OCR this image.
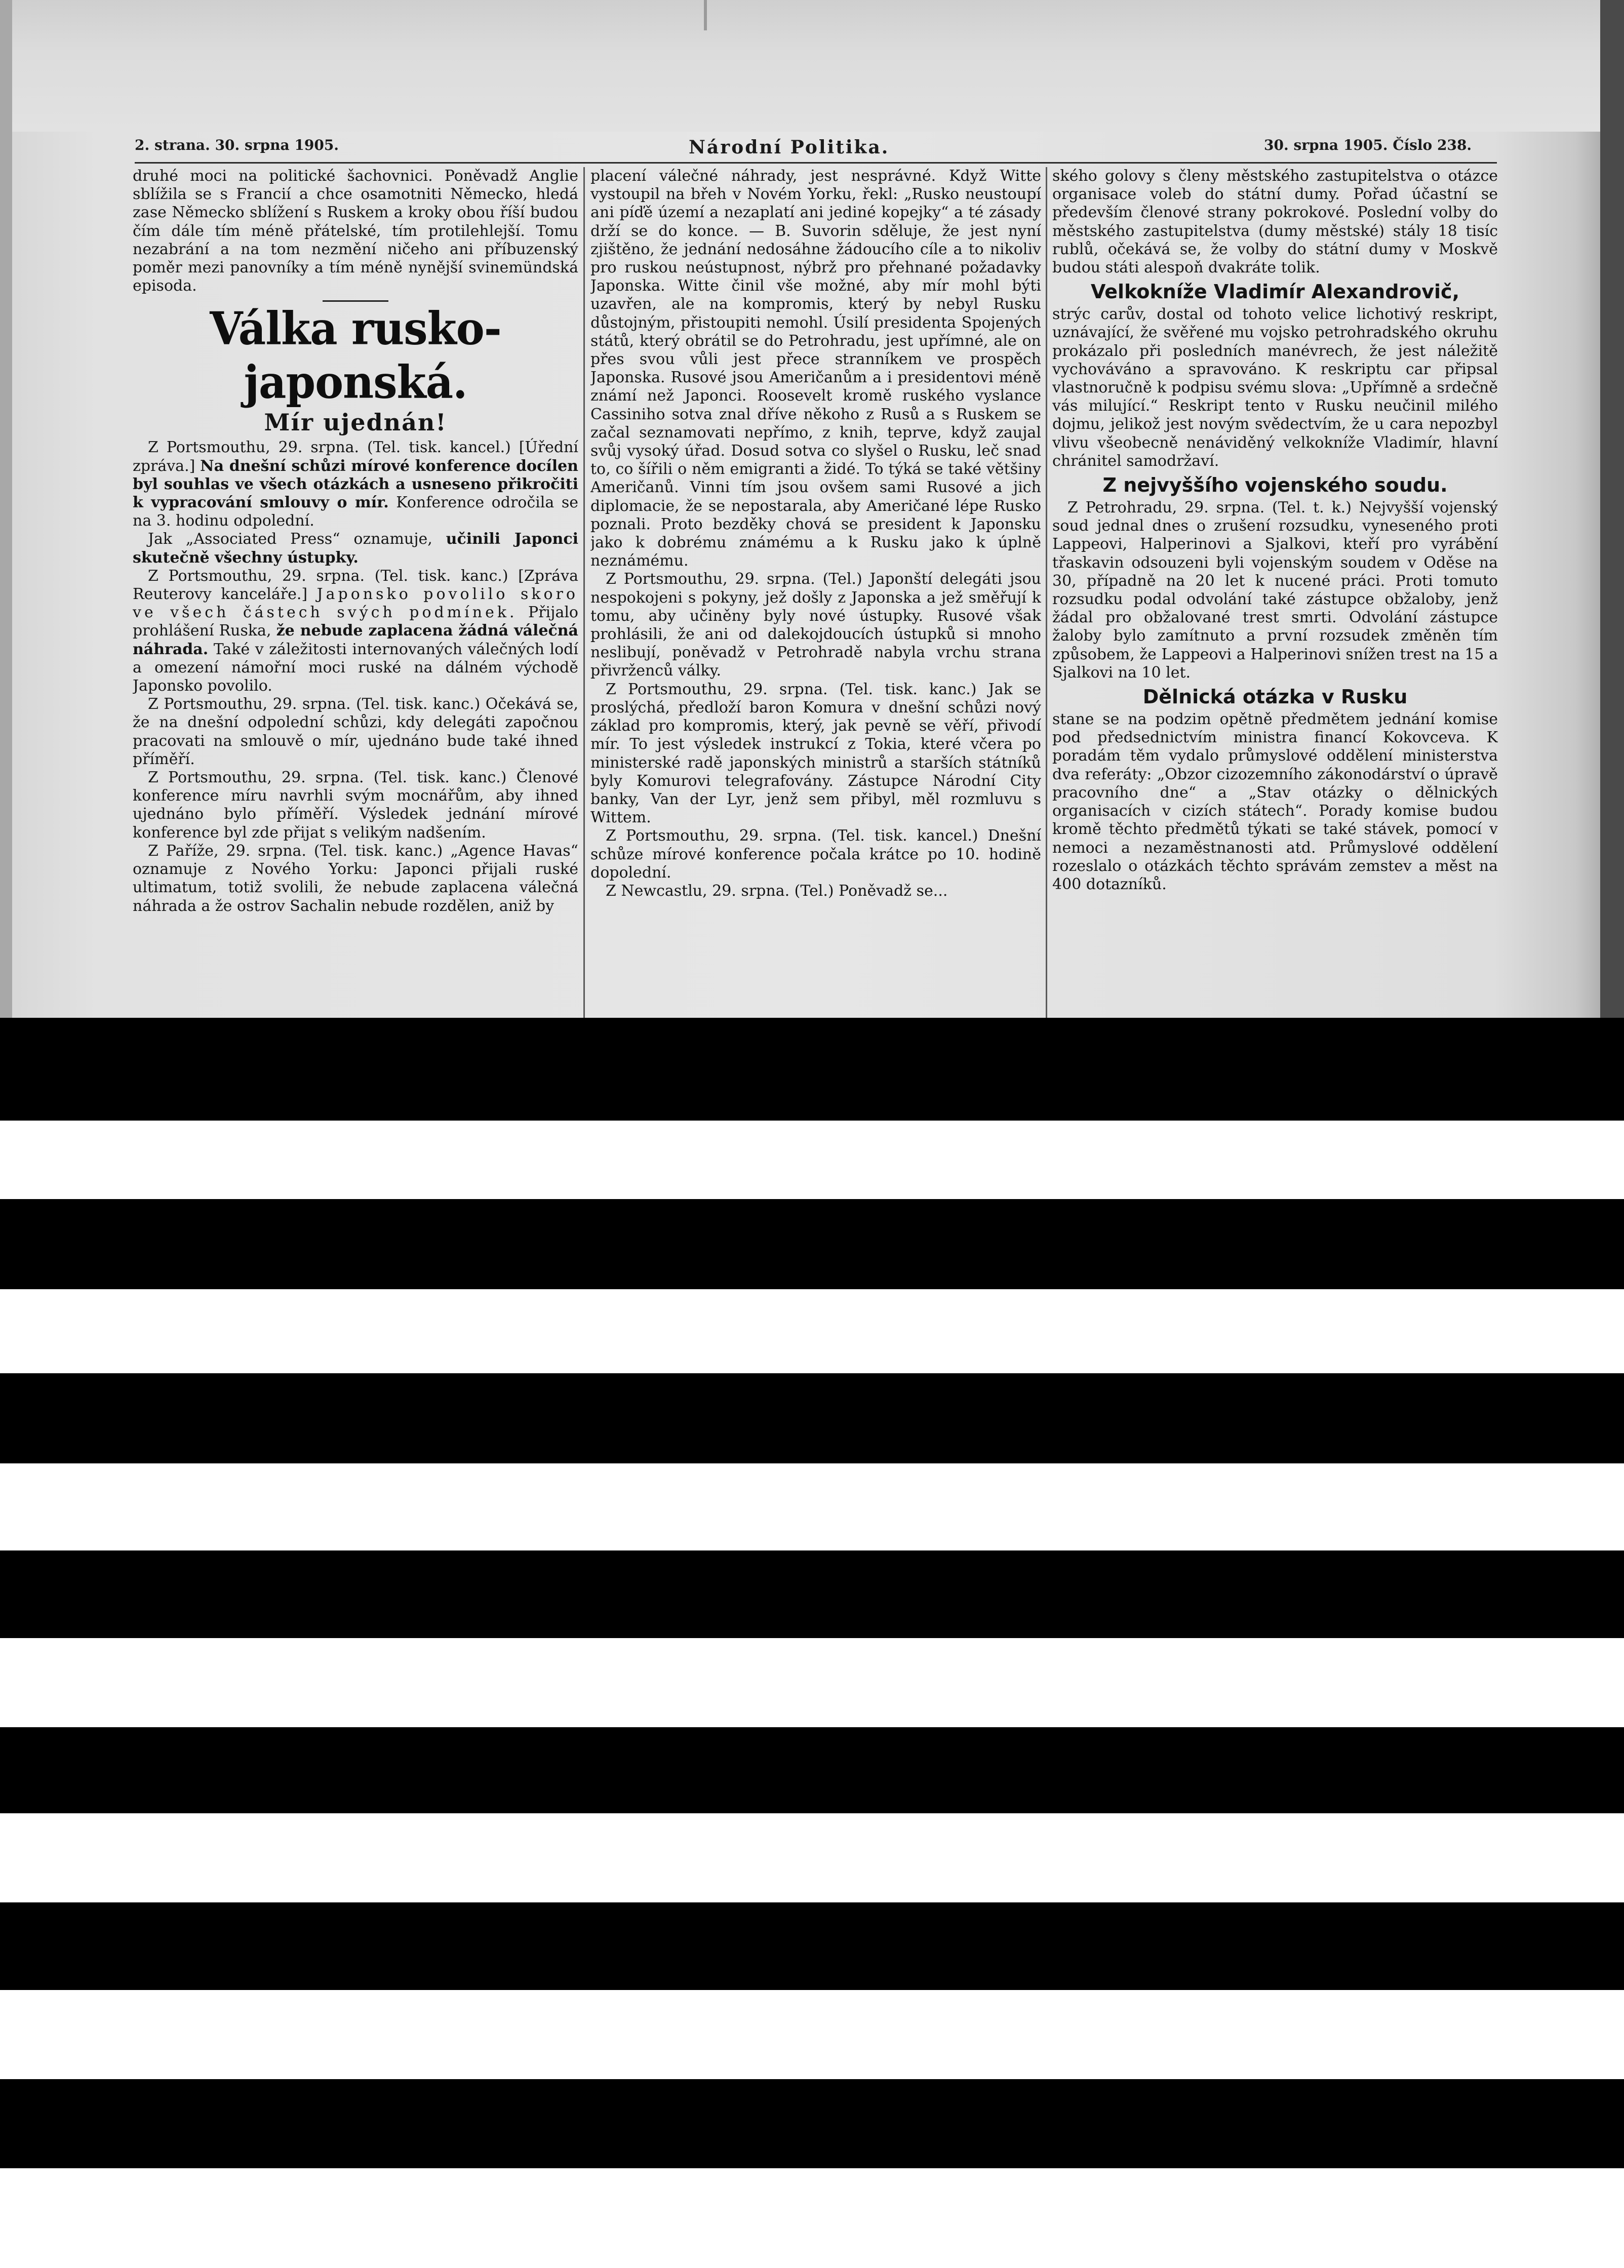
2. strana. 30. srpna 1905.	Národní Politika.	30. srpna 1905. Číslo 238.

druhé moci na politické šachovnici. Poněvadž Anglie sblížila se s Francií a chce osamotniti Německo, hledá zase Německo sblížení s Ruskem a kroky obou říší budou čím dále tím méně přátelské, tím protilehlejší. Tomu nezabrání a na tom nezmění ničeho ani příbuzenský poměr mezi panovníky a tím méně nynější svinemündská episoda.

Válka rusko-japonská.
Mír ujednán!

Z Portsmouthu, 29. srpna. (Tel. tisk. kancel.) [Úřední zpráva.] Na dnešní schůzi mírové konference docílen byl souhlas ve všech otázkách a usneseno přikročiti k vypracování smlouvy o mír. Konference odročila se na 3. hodinu odpolední.

Jak „Associated Press“ oznamuje, učinili Japonci skutečně všechny ústupky.

Z Portsmouthu, 29. srpna. (Tel. tisk. kanc.) [Zpráva Reuterovy kanceláře.] Japonsko povolilo skoro ve všech částech svých podmínek. Přijalo prohlášení Ruska, že nebude zaplacena žádná válečná náhrada. Také v záležitosti internovaných válečných lodí a omezení námořní moci ruské na dálném východě Japonsko povolilo.

Z Portsmouthu, 29. srpna. (Tel. tisk. kanc.) Očekává se, že na dnešní odpolední schůzi, kdy delegáti započnou pracovati na smlouvě o mír, ujednáno bude také ihned příměří.

Z Portsmouthu, 29. srpna. (Tel. tisk. kanc.) Členové konference míru navrhli svým mocnářům, aby ihned ujednáno bylo příměří. Výsledek jednání mírové konference byl zde přijat s velikým nadšením.

Z Paříže, 29. srpna. (Tel. tisk. kanc.) „Agence Havas“ oznamuje z Nového Yorku: Japonci přijali ruské ultimatum, totiž svolili, že nebude zaplacena válečná náhrada a že ostrov Sachalin nebude rozdělen, aniž by

placení válečné náhrady, jest nesprávné. Když Witte vystoupil na břeh v Novém Yorku, řekl: „Rusko neustoupí ani píďě území a nezaplatí ani jediné kopejky“ a té zásady drží se do konce. — B. Suvorin sděluje, že jest nyní zjištěno, že jednání nedosáhne žádoucího cíle a to nikoliv pro ruskou neústupnost, nýbrž pro přehnané požadavky Japonska. Witte činil vše možné, aby mír mohl býti uzavřen, ale na kompromis, který by nebyl Rusku důstojným, přistoupiti nemohl. Úsilí presidenta Spojených států, který obrátil se do Petrohradu, jest upřímné, ale on přes svou vůli jest přece stranníkem ve prospěch Japonska. Rusové jsou Američanům a i presidentovi méně známí než Japonci. Roosevelt kromě ruského vyslance Cassiniho sotva znal dříve někoho z Rusů a s Ruskem se začal seznamovati nepřímo, z knih, teprve, když zaujal svůj vysoký úřad. Dosud sotva co slyšel o Rusku, leč snad to, co šířili o něm emigranti a židé. To týká se také většiny Američanů. Vinni tím jsou ovšem sami Rusové a jich diplomacie, že se nepostarala, aby Američané lépe Rusko poznali. Proto bezděky chová se president k Japonsku jako k dobrému známému a k Rusku jako k úplně neznámému.

Z Portsmouthu, 29. srpna. (Tel.) Japonští delegáti jsou nespokojeni s pokyny, jež došly z Japonska a jež směřují k tomu, aby učiněny byly nové ústupky. Rusové však prohlásili, že ani od dalekojdoucích ústupků si mnoho neslibují, poněvadž v Petrohradě nabyla vrchu strana přivrženců války.

Z Portsmouthu, 29. srpna. (Tel. tisk. kanc.) Jak se proslýchá, předloží baron Komura v dnešní schůzi nový základ pro kompromis, který, jak pevně se věří, přivodí mír. To jest výsledek instrukcí z Tokia, které včera po ministerské radě japonských ministrů a starších státníků byly Komurovi telegrafovány. Zástupce Národní City banky, Van der Lyr, jenž sem přibyl, měl rozmluvu s Wittem.

Z Portsmouthu, 29. srpna. (Tel. tisk. kancel.) Dnešní schůze mírové konference počala krátce po 10. hodině dopolední.

Z Newcastlu, 29. srpna. (Tel.) Poněvadž se...

ského golovy s členy městského zastupitelstva o otázce organisace voleb do státní dumy. Pořad účastní se především členové strany pokrokové. Poslední volby do městského zastupitelstva (dumy městské) stály 18 tisíc rublů, očekává se, že volby do státní dumy v Moskvě budou státi alespoň dvakráte tolik.

Velkokníže Vladimír Alexandrovič,

strýc carův, dostal od tohoto velice lichotivý reskript, uznávající, že svěřené mu vojsko petrohradského okruhu prokázalo při posledních manévrech, že jest náležitě vychováváno a spravováno. K reskriptu car připsal vlastnoručně k podpisu svému slova: „Upřímně a srdečně vás milující.“ Reskript tento v Rusku neučinil milého dojmu, jelikož jest novým svědectvím, že u cara nepozbyl vlivu všeobecně nenáviděný velkokníže Vladimír, hlavní chránitel samodržaví.

Z nejvyššího vojenského soudu.

Z Petrohradu, 29. srpna. (Tel. t. k.) Nejvyšší vojenský soud jednal dnes o zrušení rozsudku, vyneseného proti Lappeovi, Halperinovi a Sjalkovi, kteří pro vyrábění třaskavin odsouzeni byli vojenským soudem v Oděse na 30, případně na 20 let k nucené práci. Proti tomuto rozsudku podal odvolání také zástupce obžaloby, jenž žádal pro obžalované trest smrti. Odvolání zástupce žaloby bylo zamítnuto a první rozsudek změněn tím způsobem, že Lappeovi a Halperinovi snížen trest na 15 a Sjalkovi na 10 let.

Dělnická otázka v Rusku

stane se na podzim opětně předmětem jednání komise pod předsednictvím ministra financí Kokovceva. K poradám těm vydalo průmyslové oddělení ministerstva dva referáty: „Obzor cizozemního zákonodárství o úpravě pracovního dne“ a „Stav otázky o dělnických organisacích v cizích státech“. Porady komise budou kromě těchto předmětů týkati se také stávek, pomocí v nemoci a nezaměstnanosti atd. Průmyslové oddělení rozeslalo o otázkách těchto správám zemstev a měst na 400 dotazníků.
